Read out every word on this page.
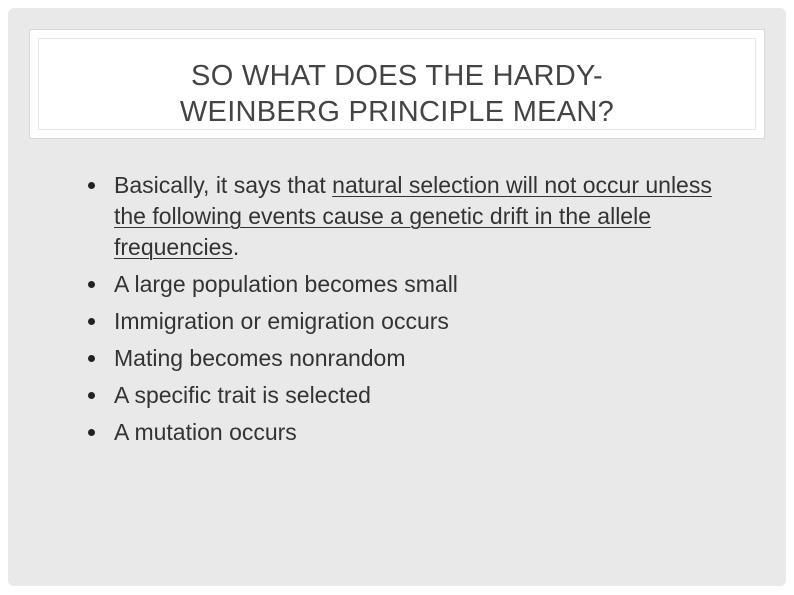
SO WHAT DOES THE HARDY-
WEINBERG PRINCIPLE MEAN?
Basically, it says that natural selection will not occur unless the following events cause a genetic drift in the allele frequencies.
A large population becomes small
Immigration or emigration occurs
Mating becomes nonrandom
A specific trait is selected
A mutation occurs
